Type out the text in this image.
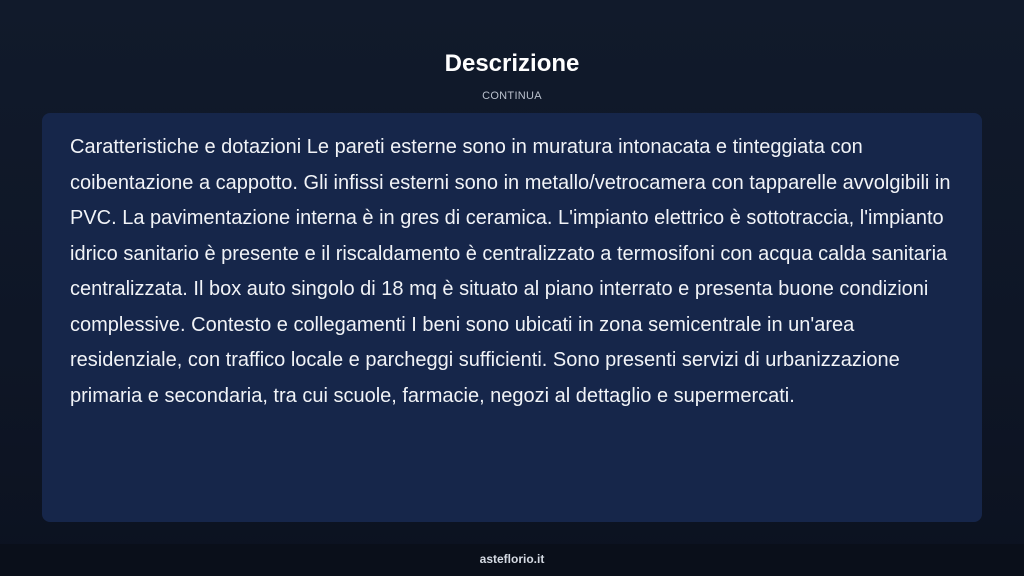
Descrizione
CONTINUA

Caratteristiche e dotazioni Le pareti esterne sono in muratura intonacata e tinteggiata con coibentazione a cappotto. Gli infissi esterni sono in metallo/vetrocamera con tapparelle avvolgibili in PVC. La pavimentazione interna è in gres di ceramica. L'impianto elettrico è sottotraccia, l'impianto idrico sanitario è presente e il riscaldamento è centralizzato a termosifoni con acqua calda sanitaria centralizzata. Il box auto singolo di 18 mq è situato al piano interrato e presenta buone condizioni complessive. Contesto e collegamenti I beni sono ubicati in zona semicentrale in un'area residenziale, con traffico locale e parcheggi sufficienti. Sono presenti servizi di urbanizzazione primaria e secondaria, tra cui scuole, farmacie, negozi al dettaglio e supermercati.

asteflorio.it
